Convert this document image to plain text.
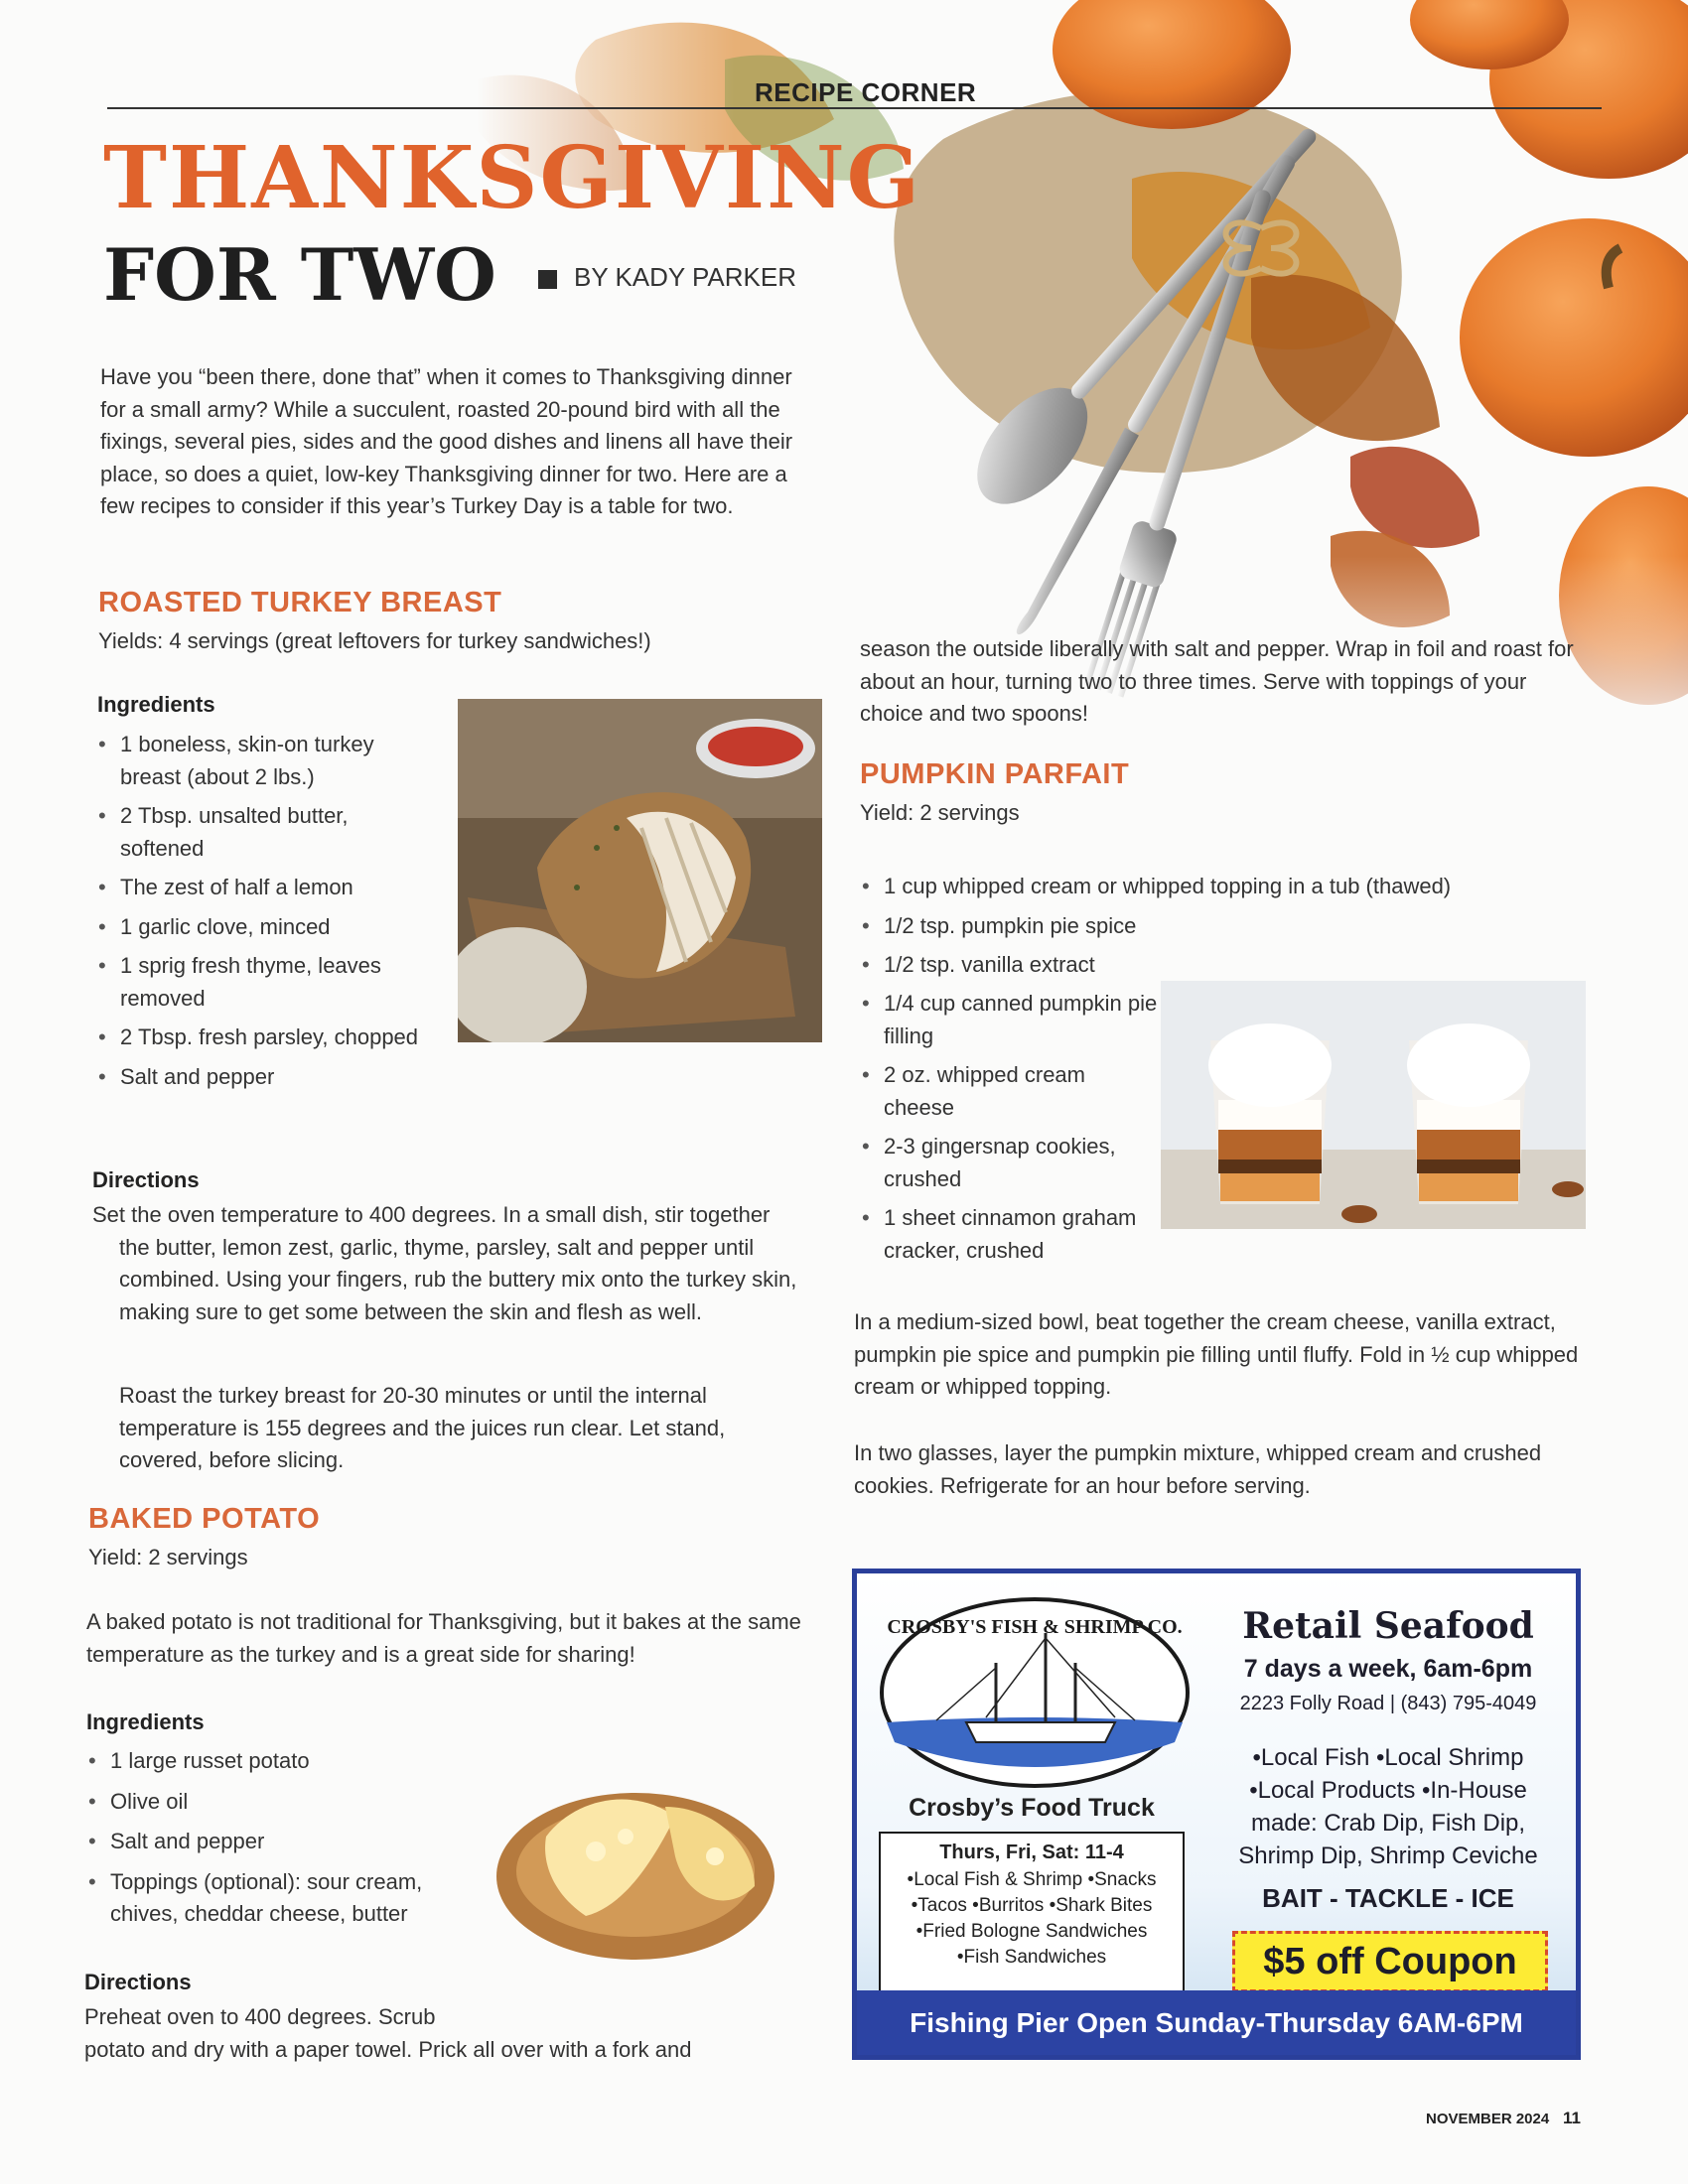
RECIPE CORNER
THANKSGIVING
FOR TWO	BY KADY PARKER

Have you “been there, done that” when it comes to Thanksgiving dinner for a small army? While a succulent, roasted 20-pound bird with all the fixings, several pies, sides and the good dishes and linens all have their place, so does a quiet, low-key Thanksgiving dinner for two. Here are a few recipes to consider if this year’s Turkey Day is a table for two.

ROASTED TURKEY BREAST
Yields: 4 servings (great leftovers for turkey sandwiches!)
Ingredients
• 1 boneless, skin-on turkey breast (about 2 lbs.)
• 2 Tbsp. unsalted butter, softened
• The zest of half a lemon
• 1 garlic clove, minced
• 1 sprig fresh thyme, leaves removed
• 2 Tbsp. fresh parsley, chopped
• Salt and pepper
Directions

Set the oven temperature to 400 degrees. In a small dish, stir together the butter, lemon zest, garlic, thyme, parsley, salt and pepper until combined. Using your fingers, rub the buttery mix onto the turkey skin, making sure to get some between the skin and flesh as well.

Roast the turkey breast for 20-30 minutes or until the internal temperature is 155 degrees and the juices run clear. Let stand, covered, before slicing.

BAKED POTATO
Yield: 2 servings

A baked potato is not traditional for Thanksgiving, but it bakes at the same temperature as the turkey and is a great side for sharing!

Ingredients
• 1 large russet potato
• Olive oil
• Salt and pepper
• Toppings (optional): sour cream, chives, cheddar cheese, butter
Directions
Preheat oven to 400 degrees. Scrub
potato and dry with a paper towel. Prick all over with a fork and

season the outside liberally with salt and pepper. Wrap in foil and roast for about an hour, turning two to three times. Serve with toppings of your choice and two spoons!

PUMPKIN PARFAIT
Yield: 2 servings
• 1 cup whipped cream or whipped topping in a tub (thawed)
• 1/2 tsp. pumpkin pie spice
• 1/2 tsp. vanilla extract
• 1/4 cup canned pumpkin pie filling
• 2 oz. whipped cream cheese
• 2-3 gingersnap cookies, crushed
• 1 sheet cinnamon graham cracker, crushed

In a medium-sized bowl, beat together the cream cheese, vanilla extract, pumpkin pie spice and pumpkin pie filling until fluffy. Fold in ½ cup whipped cream or whipped topping.

In two glasses, layer the pumpkin mixture, whipped cream and crushed cookies. Refrigerate for an hour before serving.

CROSBY'S FISH & SHRIMP CO.
Crosby’s Food Truck
Thurs, Fri, Sat: 11-4
•Local Fish & Shrimp •Snacks
•Tacos •Burritos •Shark Bites
•Fried Bologne Sandwiches
•Fish Sandwiches
Retail Seafood
7 days a week, 6am-6pm
2223 Folly Road | (843) 795-4049
•Local Fish •Local Shrimp
•Local Products •In-House
made: Crab Dip, Fish Dip,
Shrimp Dip, Shrimp Ceviche
BAIT - TACKLE - ICE
$5 off Coupon
Fishing Pier Open Sunday-Thursday 6AM-6PM
NOVEMBER 2024 11
